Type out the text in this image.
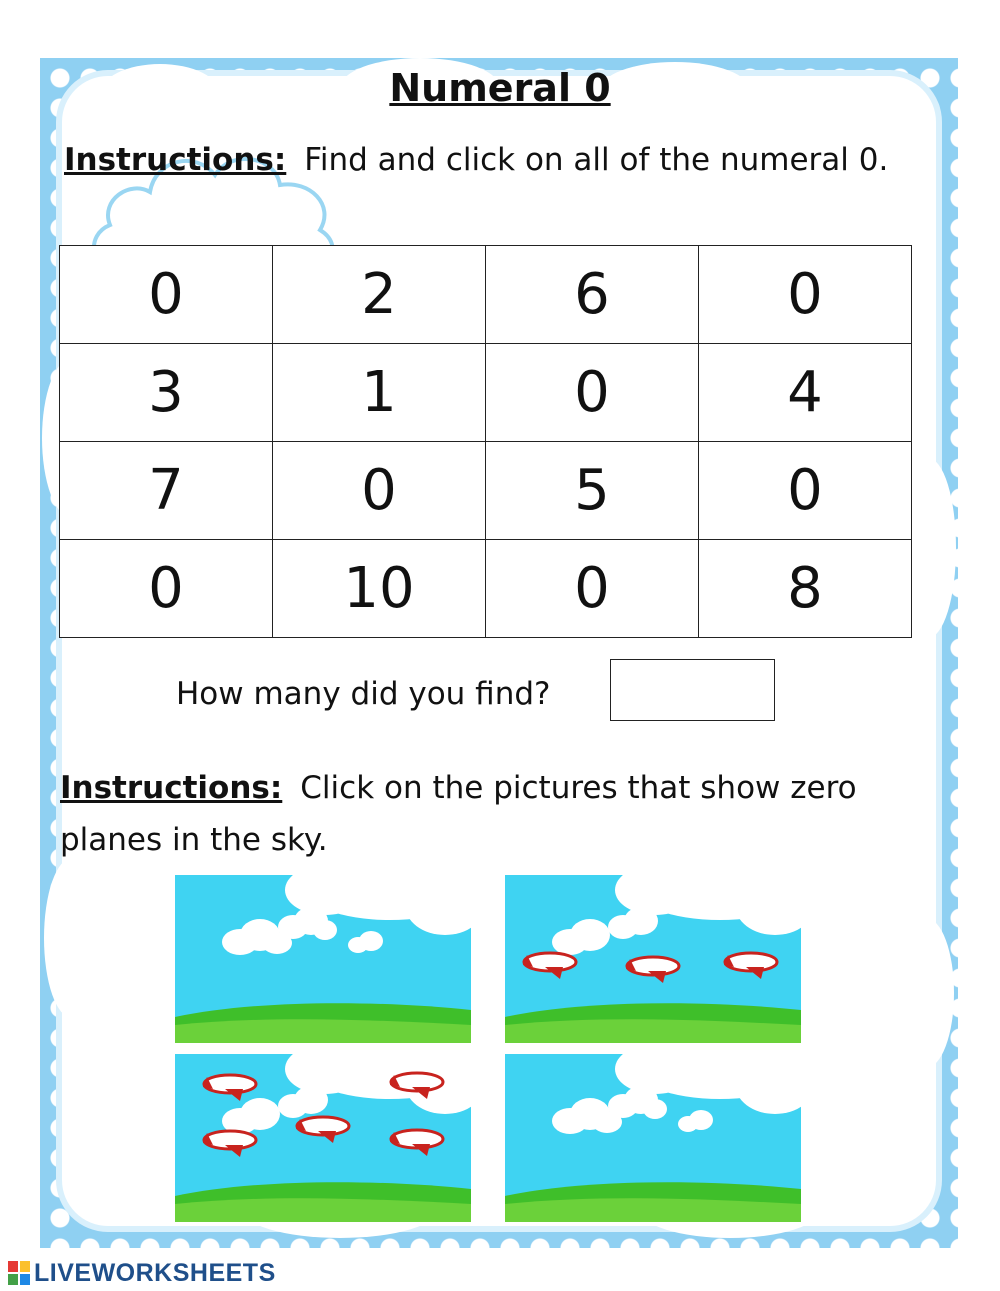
Numeral 0

Instructions: Find and click on all of the numeral 0.

0	2	6	0
3	1	0	4
7	0	5	0
0	10	0	8

How many did you find?

Instructions: Click on the pictures that show zero planes in the sky.

LIVEWORKSHEETS
